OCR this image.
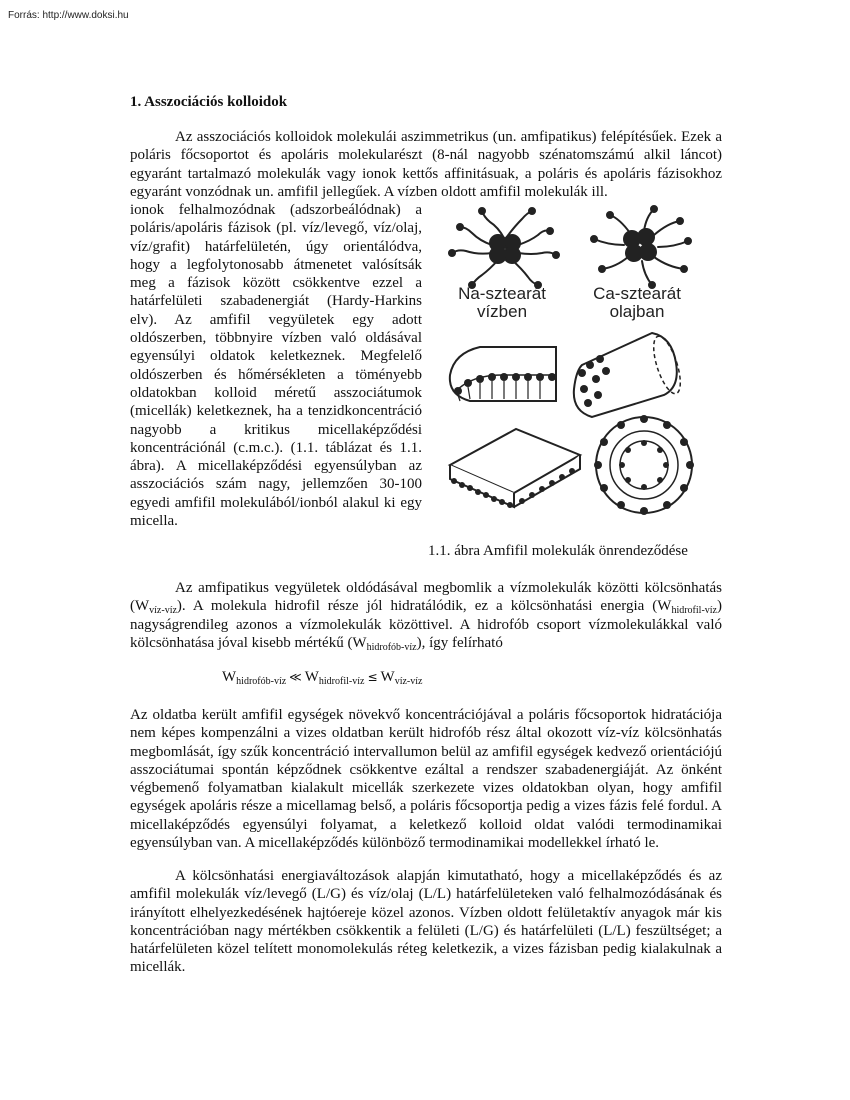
Forrás: http://www.doksi.hu
1. Asszociációs kolloidok

Az asszociációs kolloidok molekulái aszimmetrikus (un. amfipatikus) felépítésűek. Ezek a poláris főcsoportot és apoláris molekularészt (8-nál nagyobb szénatomszámú alkil láncot) egyaránt tartalmazó molekulák vagy ionok kettős affinitásuak, a poláris és apoláris fázisokhoz egyaránt vonzódnak un. amfifil jellegűek. A vízben oldott amfifil molekulák ill.

ionok felhalmozódnak (adszorbeálódnak) a poláris/apoláris fázisok (pl. víz/levegő, víz/olaj, víz/grafit) határfelületén, úgy orientálódva, hogy a legfolytonosabb átmenetet valósítsák meg a fázisok között csökkentve ezzel a határfelületi szabadenergiát (Hardy-Harkins elv). Az amfifil vegyületek egy adott oldószerben, többnyire vízben való oldásával egyensúlyi oldatok keletkeznek. Megfelelő oldószerben és hőmérsékleten a töményebb oldatokban kolloid méretű asszociátumok (micellák) keletkeznek, ha a tenzidkoncentráció nagyobb a kritikus micellaképződési koncentrációnál (c.m.c.). (1.1. táblázat és 1.1. ábra). A micellaképződési egyensúlyban az asszociációs szám nagy, jellemzően 30-100 egyedi amfifil molekulából/ionból alakul ki egy micella.

Na-sztearát
vízben
Ca-sztearát
olajban
1.1. ábra Amfifil molekulák önrendeződése

Az amfipatikus vegyületek oldódásával megbomlik a vízmolekulák közötti kölcsönhatás $(W_{víz-víz})$. A molekula hidrofil része jól hidratálódik, ez a kölcsönhatási energia $(W_{hidrofil-víz})$ nagyságrendileg azonos a vízmolekulák közöttivel. A hidrofób csoport vízmolekulákkal való kölcsönhatása jóval kisebb mértékű $(W_{hidrofób-víz})$, így felírható

$W_{hidrofób-víz}$ ≪ $W_{hidrofil-víz} \le W_{víz-víz}$

Az oldatba került amfifil egységek növekvő koncentrációjával a poláris főcsoportok hidratációja nem képes kompenzálni a vizes oldatban került hidrofób rész által okozott víz-víz kölcsönhatás megbomlását, így szűk koncentráció intervallumon belül az amfifil egységek kedvező orientációjú asszociátumai spontán képződnek csökkentve ezáltal a rendszer szabadenergiáját. Az önként végbemenő folyamatban kialakult micellák szerkezete vizes oldatokban olyan, hogy amfifil egységek apoláris része a micellamag belső, a poláris főcsoportja pedig a vizes fázis felé fordul. A micellaképződés egyensúlyi folyamat, a keletkező kolloid oldat valódi termodinamikai egyensúlyban van. A micellaképződés különböző termodinamikai modellekkel írható le.

A kölcsönhatási energiaváltozások alapján kimutatható, hogy a micellaképződés és az amfifil molekulák víz/levegő (L/G) és víz/olaj (L/L) határfelületeken való felhalmozódásának és irányított elhelyezkedésének hajtóereje közel azonos. Vízben oldott felületaktív anyagok már kis koncentrációban nagy mértékben csökkentik a felületi (L/G) és határfelületi (L/L) feszültséget; a határfelületen közel telített monomolekulás réteg keletkezik, a vizes fázisban pedig kialakulnak a micellák.
